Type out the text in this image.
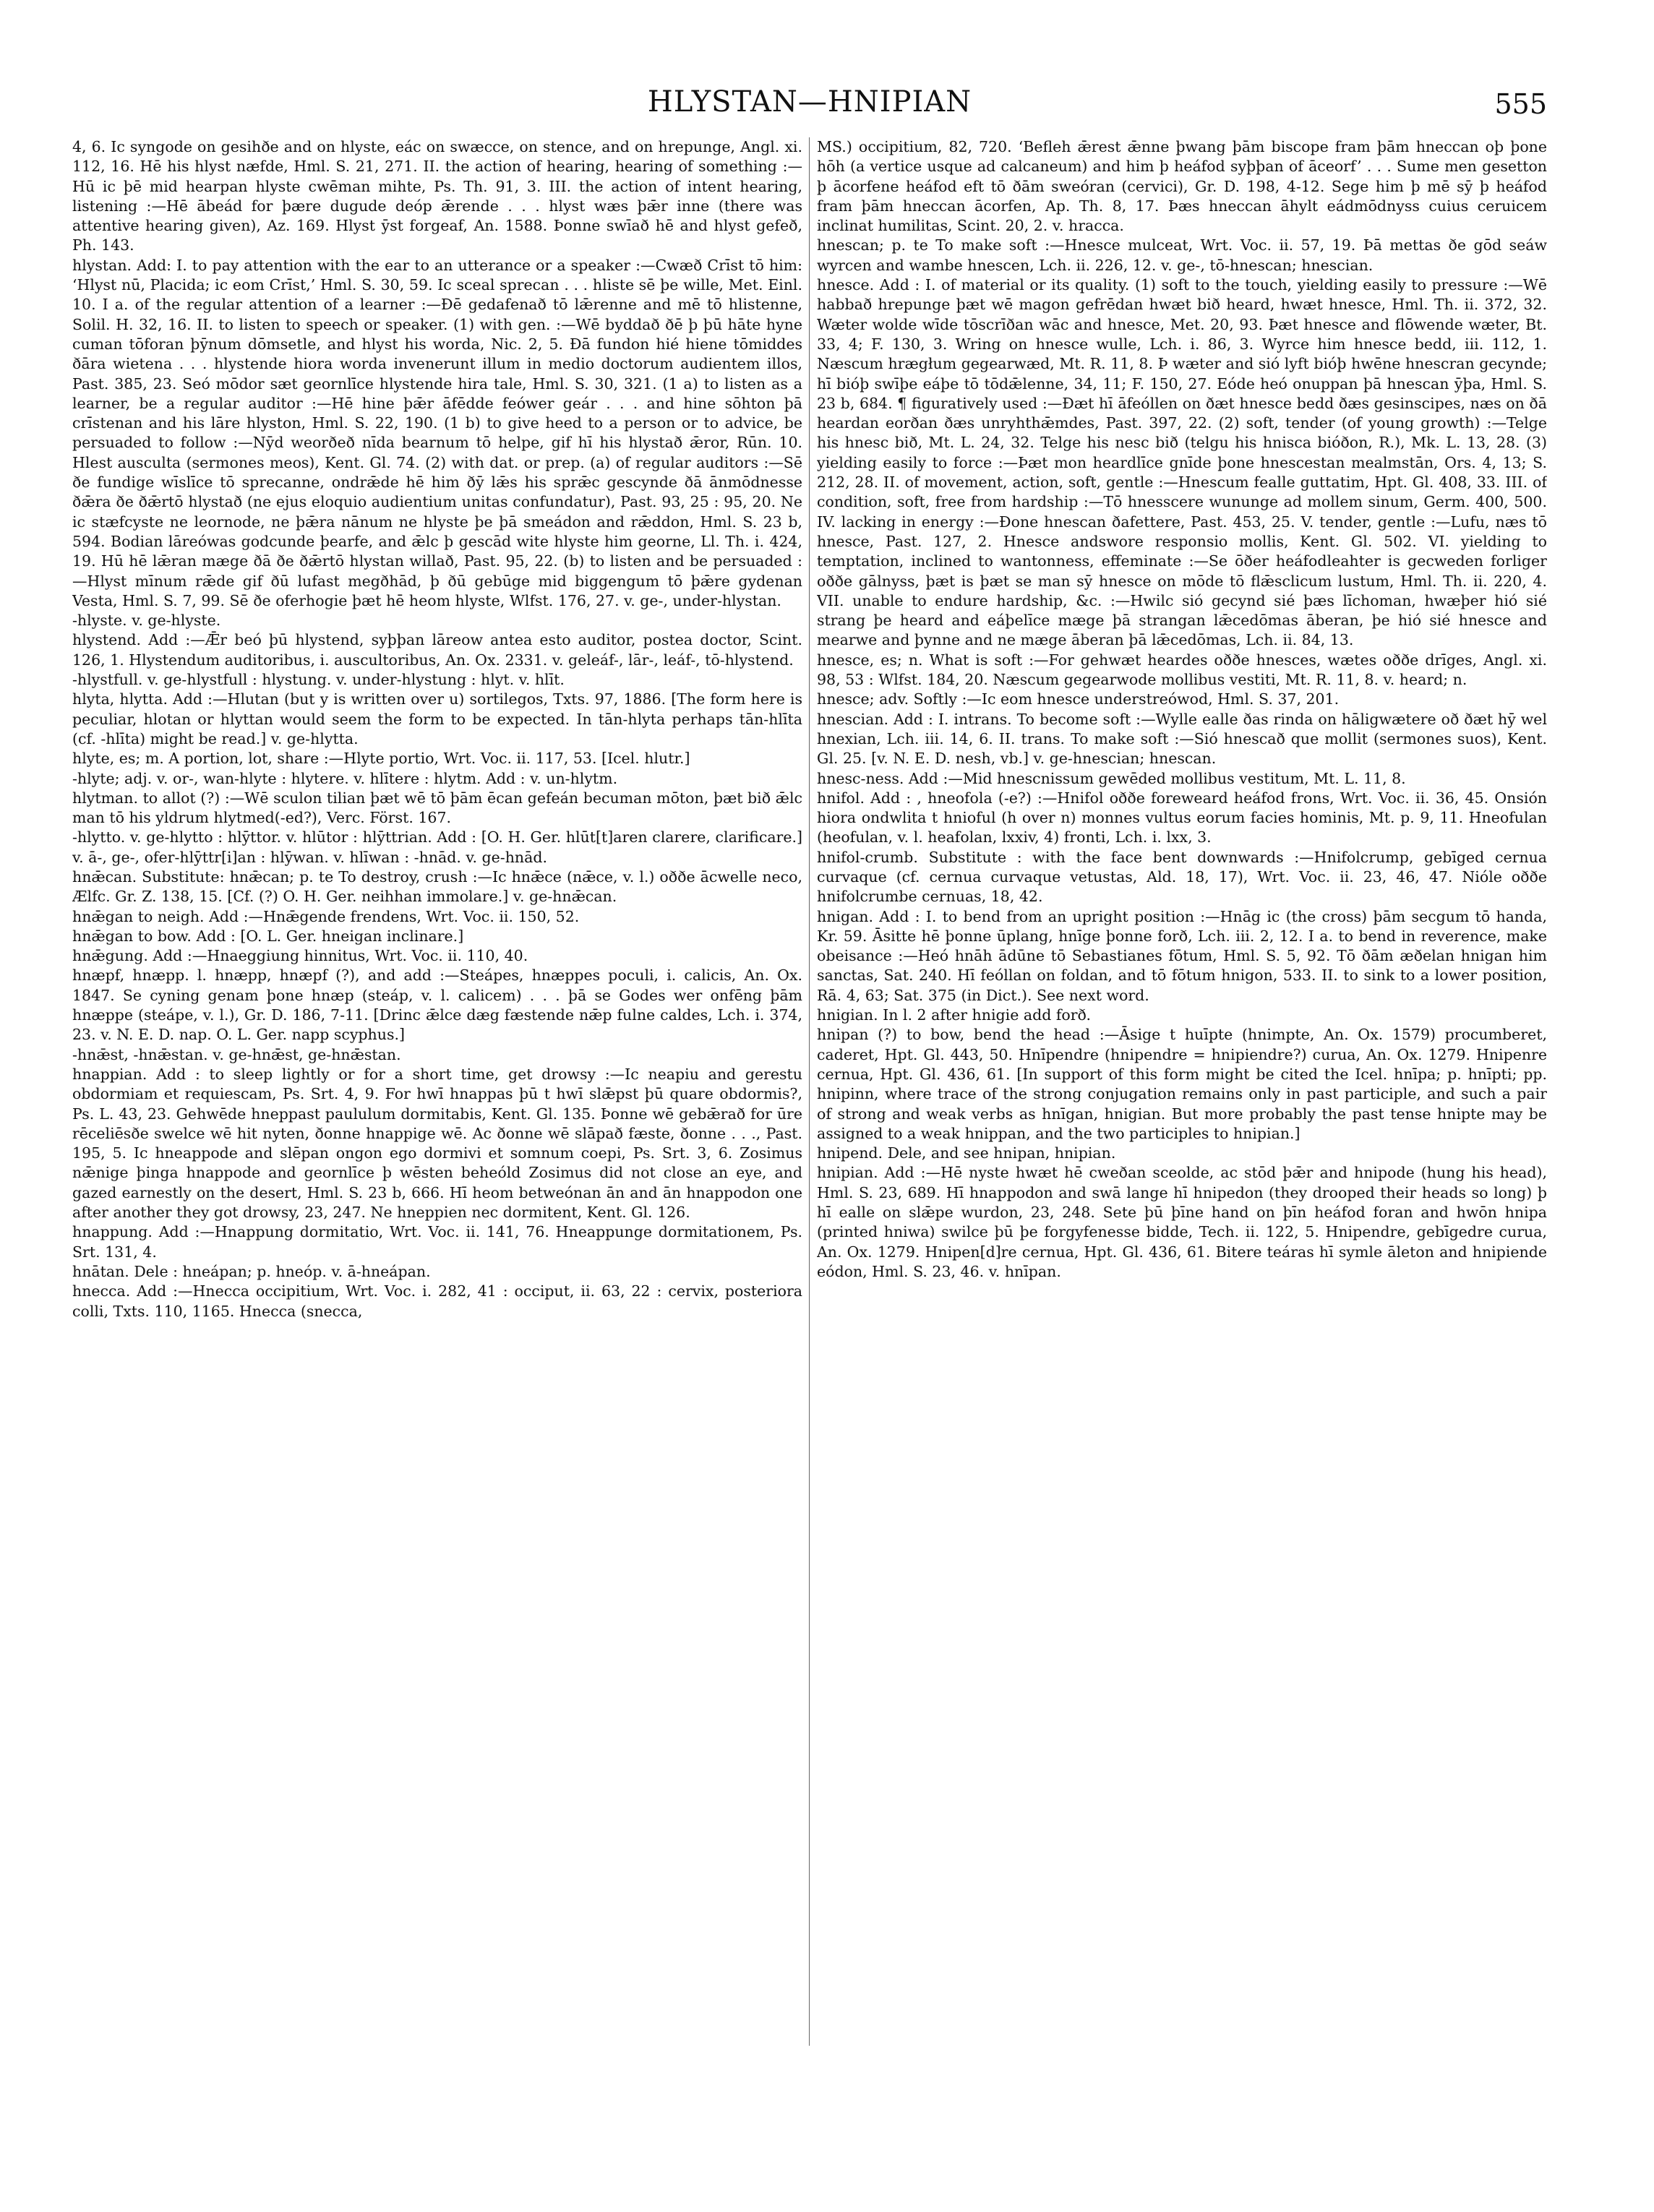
HLYSTAN—HNIPIAN	555

4, 6. Ic syngode on gesihðe and on hlyste, eác on swæcce, on stence, and on hrepunge, Angl. xi. 112, 16. Hē his hlyst næfde, Hml. S. 21, 271. II. the action of hearing, hearing of something :—Hū ic þē mid hearpan hlyste cwēman mihte, Ps. Th. 91, 3. III. the action of intent hearing, listening :—Hē ābeád for þære dugude deóp ǣrende . . . hlyst wæs þǣr inne (there was attentive hearing given), Az. 169. Hlyst ȳst forgeaf, An. 1588. Þonne swīað hē and hlyst gefeð, Ph. 143.

hlystan. Add: I. to pay attention with the ear to an utterance or a speaker :—Cwæð Crīst tō him: ‘Hlyst nū, Placida; ic eom Crīst,’ Hml. S. 30, 59. Ic sceal sprecan . . . hliste sē þe wille, Met. Einl. 10. I a. of the regular attention of a learner :—Ðē gedafenað tō lǣrenne and mē tō hlistenne, Solil. H. 32, 16. II. to listen to speech or speaker. (1) with gen. :—Wē byddað ðē þ þū hāte hyne cuman tōforan þȳnum dōmsetle, and hlyst his worda, Nic. 2, 5. Ðā fundon hié hiene tōmiddes ðāra wietena . . . hlystende hiora worda invenerunt illum in medio doctorum audientem illos, Past. 385, 23. Seó mōdor sæt geornlīce hlystende hira tale, Hml. S. 30, 321. (1 a) to listen as a learner, be a regular auditor :—Hē hine þǣr āfēdde feówer geár . . . and hine sōhton þā crīstenan and his lāre hlyston, Hml. S. 22, 190. (1 b) to give heed to a person or to advice, be persuaded to follow :—Nȳd weorðeð nīda bearnum tō helpe, gif hī his hlystað ǣror, Rūn. 10. Hlest ausculta (sermones meos), Kent. Gl. 74. (2) with dat. or prep. (a) of regular auditors :—Sē ðe fundige wīslīce tō sprecanne, ondrǣde hē him ðȳ lǣs his sprǣc gescynde ðā ānmōdnesse ðǣra ðe ðǣrtō hlystað (ne ejus eloquio audientium unitas confundatur), Past. 93, 25 : 95, 20. Ne ic stæfcyste ne leornode, ne þǣra nānum ne hlyste þe þā smeádon and rǣddon, Hml. S. 23 b, 594. Bodian lāreówas godcunde þearfe, and ǣlc þ gescād wite hlyste him georne, Ll. Th. i. 424, 19. Hū hē lǣran mæge ðā ðe ðǣrtō hlystan willað, Past. 95, 22. (b) to listen and be persuaded :—Hlyst mīnum rǣde gif ðū lufast megðhād, þ ðū gebūge mid biggengum tō þǣre gydenan Vesta, Hml. S. 7, 99. Sē ðe oferhogie þæt hē heom hlyste, Wlfst. 176, 27. v. ge-, under-hlystan.

-hlyste. v. ge-hlyste.

hlystend. Add :—Ǣr beó þū hlystend, syþþan lāreow antea esto auditor, postea doctor, Scint. 126, 1. Hlystendum auditoribus, i. auscultoribus, An. Ox. 2331. v. geleáf-, lār-, leáf-, tō-hlystend.

-hlystfull. v. ge-hlystfull : hlystung. v. under-hlystung : hlyt. v. hlīt.

hlyta, hlytta. Add :—Hlutan (but y is written over u) sortilegos, Txts. 97, 1886. [The form here is peculiar, hlotan or hlyttan would seem the form to be expected. In tān-hlyta perhaps tān-hlīta (cf. -hlīta) might be read.] v. ge-hlytta.

hlyte, es; m. A portion, lot, share :—Hlyte portio, Wrt. Voc. ii. 117, 53. [Icel. hlutr.]

-hlyte; adj. v. or-, wan-hlyte : hlytere. v. hlītere : hlytm. Add : v. un-hlytm.

hlytman. to allot (?) :—Wē sculon tilian þæt wē tō þām ēcan gefeán becuman mōton, þæt bið ǣlc man tō his yldrum hlytmed(-ed?), Verc. Först. 167.

-hlytto. v. ge-hlytto : hlȳttor. v. hlūtor : hlȳttrian. Add : [O. H. Ger. hlūt[t]aren clarere, clarificare.] v. ā-, ge-, ofer-hlȳttr[i]an : hlȳwan. v. hlīwan : -hnād. v. ge-hnād.

hnǣcan. Substitute: hnǣcan; p. te To destroy, crush :—Ic hnǣce (nǣce, v. l.) oððe ācwelle neco, Ælfc. Gr. Z. 138, 15. [Cf. (?) O. H. Ger. neihhan immolare.] v. ge-hnǣcan.

hnǣgan to neigh. Add :—Hnǣgende frendens, Wrt. Voc. ii. 150, 52.

hnǣgan to bow. Add : [O. L. Ger. hneigan inclinare.]

hnǣgung. Add :—Hnaeggiung hinnitus, Wrt. Voc. ii. 110, 40.

hnæpf, hnæpp. l. hnæpp, hnæpf (?), and add :—Steápes, hnæppes poculi, i. calicis, An. Ox. 1847. Se cyning genam þone hnæp (steáp, v. l. calicem) . . . þā se Godes wer onfēng þām hnæppe (steápe, v. l.), Gr. D. 186, 7-11. [Drinc ǣlce dæg fæstende nǣp fulne caldes, Lch. i. 374, 23. v. N. E. D. nap. O. L. Ger. napp scyphus.]

-hnǣst, -hnǣstan. v. ge-hnǣst, ge-hnǣstan.

hnappian. Add : to sleep lightly or for a short time, get drowsy :—Ic neapiu and gerestu obdormiam et requiescam, Ps. Srt. 4, 9. For hwī hnappas þū t hwī slǣpst þū quare obdormis?, Ps. L. 43, 23. Gehwēde hneppast paululum dormitabis, Kent. Gl. 135. Þonne wē gebǣrað for ūre rēceliēsðe swelce wē hit nyten, ðonne hnappige wē. Ac ðonne wē slāpað fæste, ðonne . . ., Past. 195, 5. Ic hneappode and slēpan ongon ego dormivi et somnum coepi, Ps. Srt. 3, 6. Zosimus nǣnige þinga hnappode and geornlīce þ wēsten beheóld Zosimus did not close an eye, and gazed earnestly on the desert, Hml. S. 23 b, 666. Hī heom betweónan ān and ān hnappodon one after another they got drowsy, 23, 247. Ne hneppien nec dormitent, Kent. Gl. 126.

hnappung. Add :—Hnappung dormitatio, Wrt. Voc. ii. 141, 76. Hneappunge dormitationem, Ps. Srt. 131, 4.

hnātan. Dele : hneápan; p. hneóp. v. ā-hneápan.

hnecca. Add :—Hnecca occipitium, Wrt. Voc. i. 282, 41 : occiput, ii. 63, 22 : cervix, posteriora colli, Txts. 110, 1165. Hnecca (snecca,

MS.) occipitium, 82, 720. ‘Befleh ǣrest ǣnne þwang þām biscope fram þām hneccan oþ þone hōh (a vertice usque ad calcaneum) and him þ heáfod syþþan of āceorf’ . . . Sume men gesetton þ ācorfene heáfod eft tō ðām sweóran (cervici), Gr. D. 198, 4-12. Sege him þ mē sȳ þ heáfod fram þām hneccan ācorfen, Ap. Th. 8, 17. Þæs hneccan āhylt eádmōdnyss cuius ceruicem inclinat humilitas, Scint. 20, 2. v. hracca.

hnescan; p. te To make soft :—Hnesce mulceat, Wrt. Voc. ii. 57, 19. Þā mettas ðe gōd seáw wyrcen and wambe hnescen, Lch. ii. 226, 12. v. ge-, tō-hnescan; hnescian.

hnesce. Add : I. of material or its quality. (1) soft to the touch, yielding easily to pressure :—Wē habbað hrepunge þæt wē magon gefrēdan hwæt bið heard, hwæt hnesce, Hml. Th. ii. 372, 32. Wæter wolde wīde tōscrīðan wāc and hnesce, Met. 20, 93. Þæt hnesce and flōwende wæter, Bt. 33, 4; F. 130, 3. Wring on hnesce wulle, Lch. i. 86, 3. Wyrce him hnesce bedd, iii. 112, 1. Næscum hrægłum gegearwæd, Mt. R. 11, 8. Þ wæter and sió lyft bióþ hwēne hnescran gecynde; hī bióþ swīþe eáþe tō tōdǣlenne, 34, 11; F. 150, 27. Eóde heó onuppan þā hnescan ȳþa, Hml. S. 23 b, 684. ¶ figuratively used :—Ðæt hī āfeóllen on ðæt hnesce bedd ðæs gesinscipes, næs on ðā heardan eorðan ðæs unryhthǣmdes, Past. 397, 22. (2) soft, tender (of young growth) :—Telge his hnesc bið, Mt. L. 24, 32. Telge his nesc bið (telgu his hnisca bióðon, R.), Mk. L. 13, 28. (3) yielding easily to force :—Þæt mon heardlīce gnīde þone hnescestan mealmstān, Ors. 4, 13; S. 212, 28. II. of movement, action, soft, gentle :—Hnescum fealle guttatim, Hpt. Gl. 408, 33. III. of condition, soft, free from hardship :—Tō hnesscere wununge ad mollem sinum, Germ. 400, 500. IV. lacking in energy :—Ðone hnescan ðafettere, Past. 453, 25. V. tender, gentle :—Lufu, næs tō hnesce, Past. 127, 2. Hnesce andswore responsio mollis, Kent. Gl. 502. VI. yielding to temptation, inclined to wantonness, effeminate :—Se ōðer heáfodleahter is gecweden forliger oððe gālnyss, þæt is þæt se man sȳ hnesce on mōde tō flǣsclicum lustum, Hml. Th. ii. 220, 4. VII. unable to endure hardship, &c. :—Hwilc sió gecynd sié þæs līchoman, hwæþer hió sié strang þe heard and eáþelīce mæge þā strangan lǣcedōmas āberan, þe hió sié hnesce and mearwe and þynne and ne mæge āberan þā lǣcedōmas, Lch. ii. 84, 13.

hnesce, es; n. What is soft :—For gehwæt heardes oððe hnesces, wætes oððe drīges, Angl. xi. 98, 53 : Wlfst. 184, 20. Næscum gegearwode mollibus vestiti, Mt. R. 11, 8. v. heard; n.

hnesce; adv. Softly :—Ic eom hnesce understreówod, Hml. S. 37, 201.

hnescian. Add : I. intrans. To become soft :—Wylle ealle ðas rinda on hāligwætere oð ðæt hȳ wel hnexian, Lch. iii. 14, 6. II. trans. To make soft :—Sió hnescað que mollit (sermones suos), Kent. Gl. 25. [v. N. E. D. nesh, vb.] v. ge-hnescian; hnescan.

hnesc-ness. Add :—Mid hnescnissum gewēded mollibus vestitum, Mt. L. 11, 8.

hnifol. Add : , hneofola (-e?) :—Hnifol oððe foreweard heáfod frons, Wrt. Voc. ii. 36, 45. Onsión hiora ondwlita t hnioful (h over n) monnes vultus eorum facies hominis, Mt. p. 9, 11. Hneofulan (heofulan, v. l. heafolan, lxxiv, 4) fronti, Lch. i. lxx, 3.

hnifol-crumb. Substitute : with the face bent downwards :—Hnifolcrump, gebīged cernua curvaque (cf. cernua curvaque vetustas, Ald. 18, 17), Wrt. Voc. ii. 23, 46, 47. Nióle oððe hnifolcrumbe cernuas, 18, 42.

hnigan. Add : I. to bend from an upright position :—Hnāg ic (the cross) þām secgum tō handa, Kr. 59. Āsitte hē þonne ūplang, hnīge þonne forð, Lch. iii. 2, 12. I a. to bend in reverence, make obeisance :—Heó hnāh ādūne tō Sebastianes fōtum, Hml. S. 5, 92. Tō ðām æðelan hnigan him sanctas, Sat. 240. Hī feóllan on foldan, and tō fōtum hnigon, 533. II. to sink to a lower position, Rā. 4, 63; Sat. 375 (in Dict.). See next word.

hnigian. In l. 2 after hnigie add forð.

hnipan (?) to bow, bend the head :—Āsige t huīpte (hnimpte, An. Ox. 1579) procumberet, caderet, Hpt. Gl. 443, 50. Hnīpendre (hnipendre = hnipiendre?) curua, An. Ox. 1279. Hnipenre cernua, Hpt. Gl. 436, 61. [In support of this form might be cited the Icel. hnīpa; p. hnīpti; pp. hnipinn, where trace of the strong conjugation remains only in past participle, and such a pair of strong and weak verbs as hnīgan, hnigian. But more probably the past tense hnipte may be assigned to a weak hnippan, and the two participles to hnipian.]

hnipend. Dele, and see hnipan, hnipian.

hnipian. Add :—Hē nyste hwæt hē cweðan sceolde, ac stōd þǣr and hnipode (hung his head), Hml. S. 23, 689. Hī hnappodon and swā lange hī hnipedon (they drooped their heads so long) þ hī ealle on slǣpe wurdon, 23, 248. Sete þū þīne hand on þīn heáfod foran and hwōn hnipa (printed hniwa) swilce þū þe forgyfenesse bidde, Tech. ii. 122, 5. Hnipendre, gebīgedre curua, An. Ox. 1279. Hnipen[d]re cernua, Hpt. Gl. 436, 61. Bitere teáras hī symle āleton and hnipiende eódon, Hml. S. 23, 46. v. hnīpan.
